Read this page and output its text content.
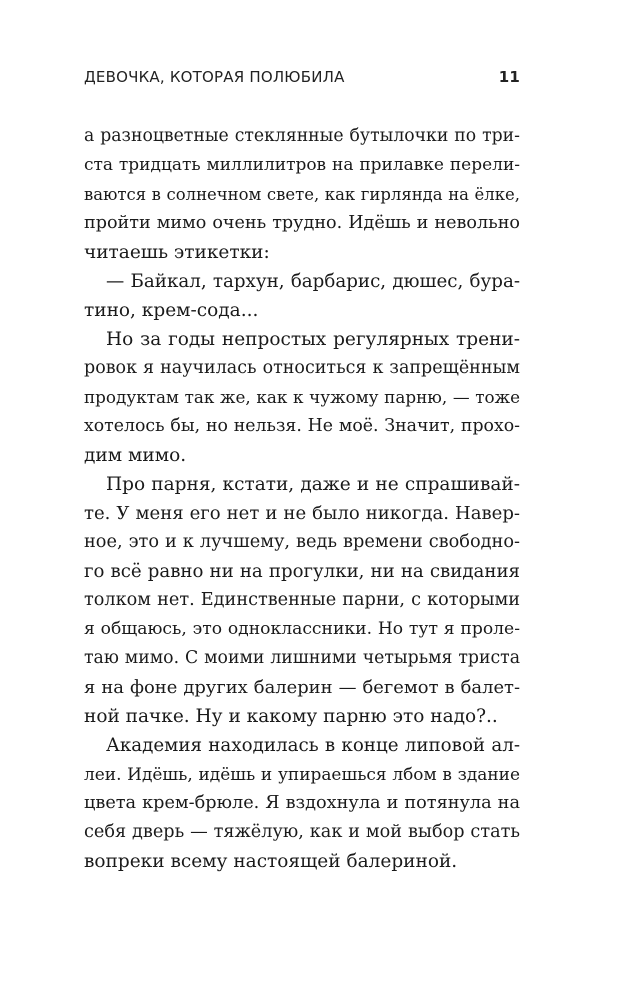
ДЕВОЧКА, КОТОРАЯ ПОЛЮБИЛА	11
а разноцветные стеклянные бутылочки по три-
ста тридцать миллилитров на прилавке перели-
ваются в солнечном свете, как гирлянда на ёлке,
пройти мимо очень трудно. Идёшь и невольно
читаешь этикетки:
— Байкал, тархун, барбарис, дюшес, бура-
тино, крем-сода...
Но за годы непростых регулярных трени-
ровок я научилась относиться к запрещённым
продуктам так же, как к чужому парню, — тоже
хотелось бы, но нельзя. Не моё. Значит, прохо-
дим мимо.
Про парня, кстати, даже и не спрашивай-
те. У меня его нет и не было никогда. Навер-
ное, это и к лучшему, ведь времени свободно-
го всё равно ни на прогулки, ни на свидания
толком нет. Единственные парни, с которыми
я общаюсь, это одноклассники. Но тут я проле-
таю мимо. С моими лишними четырьмя триста
я на фоне других балерин — бегемот в балет-
ной пачке. Ну и какому парню это надо?..
Академия находилась в конце липовой ал-
леи. Идёшь, идёшь и упираешься лбом в здание
цвета крем-брюле. Я вздохнула и потянула на
себя дверь — тяжёлую, как и мой выбор стать
вопреки всему настоящей балериной.
